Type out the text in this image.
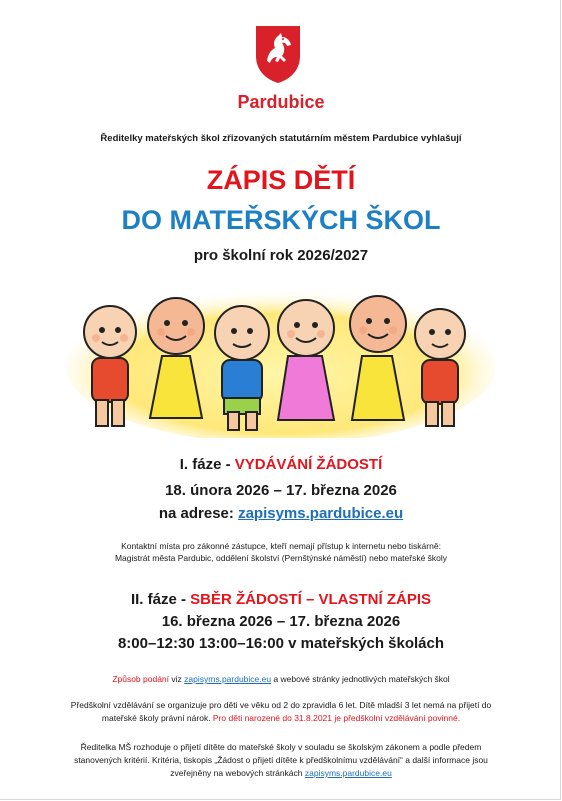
Pardubice
Ředitelky mateřských škol zřizovaných statutárním městem Pardubice vyhlašují
ZÁPIS DĚTÍ
DO MATEŘSKÝCH ŠKOL
pro školní rok 2026/2027
I. fáze - VYDÁVÁNÍ ŽÁDOSTÍ
18. února 2026 – 17. března 2026
na adrese: zapisyms.pardubice.eu
Kontaktní místa pro zákonné zástupce, kteří nemají přístup k internetu nebo tiskárně:
Magistrát města Pardubic, oddělení školství (Pernštýnské náměstí) nebo mateřské školy
II. fáze - SBĚR ŽÁDOSTÍ – VLASTNÍ ZÁPIS
16. března 2026 – 17. března 2026
8:00–12:30 13:00–16:00 v mateřských školách
Způsob podání viz zapisyms.pardubice.eu a webové stránky jednotlivých mateřských škol
Předškolní vzdělávání se organizuje pro děti ve věku od 2 do zpravidla 6 let. Dítě mladší 3 let nemá na přijetí do
mateřské školy právní nárok. Pro děti narozené do 31.8.2021 je předškolní vzdělávání povinné.
Ředitelka MŠ rozhoduje o přijetí dítěte do mateřské školy v souladu se školským zákonem a podle předem
stanovených kritérií. Kritéria, tiskopis „Žádost o přijetí dítěte k předškolnímu vzdělávání“ a další informace jsou
zveřejněny na webových stránkách zapisyms.pardubice.eu
